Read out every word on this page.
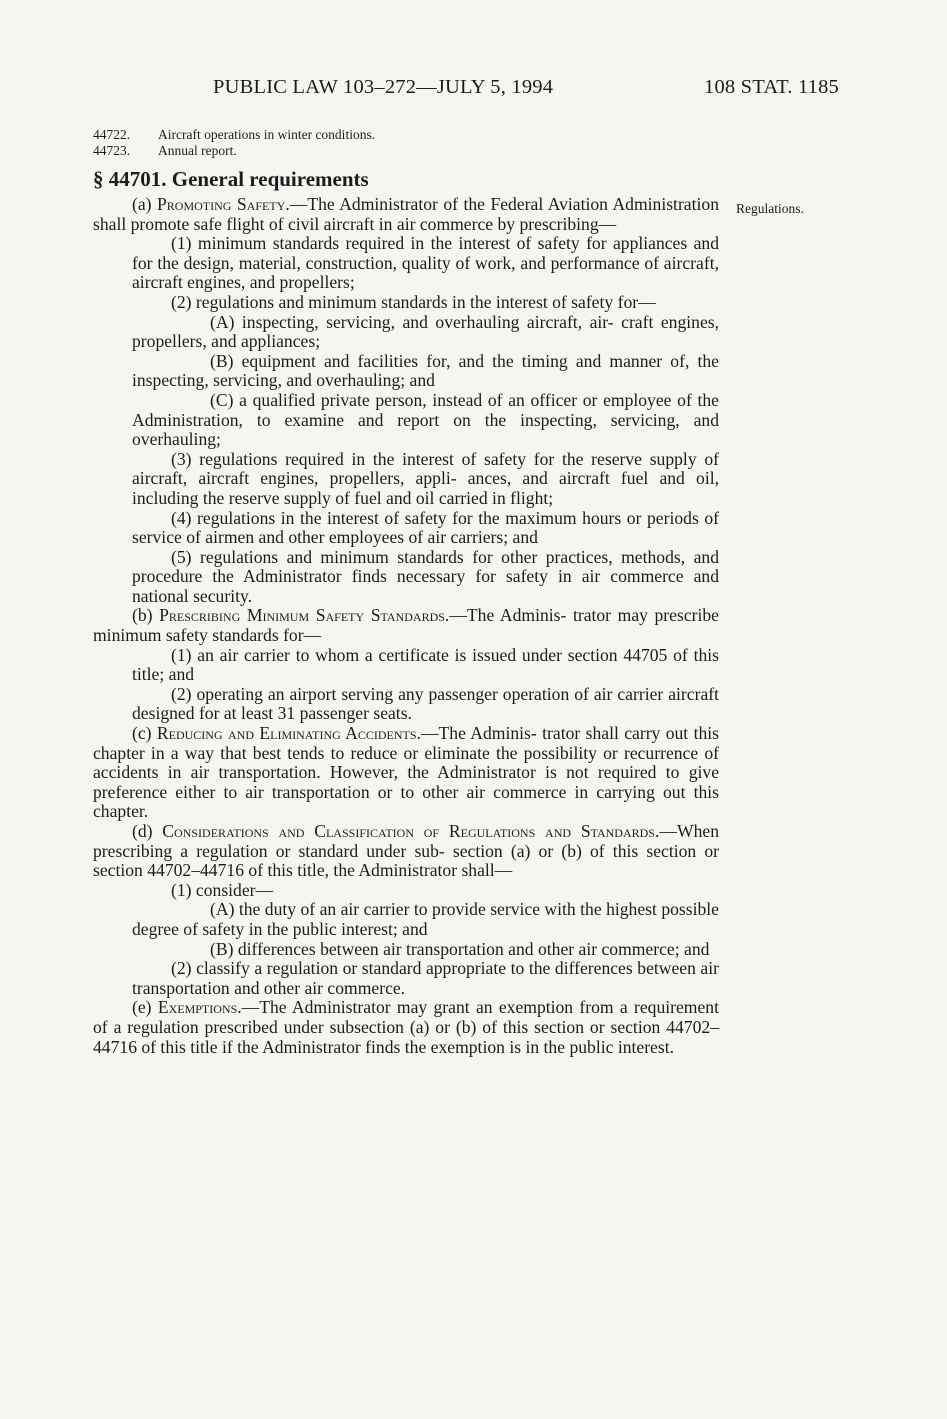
PUBLIC LAW 103–272—JULY 5, 1994	108 STAT. 1185
44722. Aircraft operations in winter conditions.
44723. Annual report.
§ 44701. General requirements
Regulations.

(a) Promoting Safety.—The Administrator of the Federal Aviation Administration shall promote safe flight of civil aircraft in air commerce by prescribing—

(1) minimum standards required in the interest of safety for appliances and for the design, material, construction, quality of work, and performance of aircraft, aircraft engines, and propellers;

(2) regulations and minimum standards in the interest of safety for—

(A) inspecting, servicing, and overhauling aircraft, air- craft engines, propellers, and appliances;

(B) equipment and facilities for, and the timing and manner of, the inspecting, servicing, and overhauling; and

(C) a qualified private person, instead of an officer or employee of the Administration, to examine and report on the inspecting, servicing, and overhauling;

(3) regulations required in the interest of safety for the reserve supply of aircraft, aircraft engines, propellers, appli- ances, and aircraft fuel and oil, including the reserve supply of fuel and oil carried in flight;

(4) regulations in the interest of safety for the maximum hours or periods of service of airmen and other employees of air carriers; and

(5) regulations and minimum standards for other practices, methods, and procedure the Administrator finds necessary for safety in air commerce and national security.

(b) Prescribing Minimum Safety Standards.—The Adminis- trator may prescribe minimum safety standards for—

(1) an air carrier to whom a certificate is issued under section 44705 of this title; and

(2) operating an airport serving any passenger operation of air carrier aircraft designed for at least 31 passenger seats.

(c) Reducing and Eliminating Accidents.—The Adminis- trator shall carry out this chapter in a way that best tends to reduce or eliminate the possibility or recurrence of accidents in air transportation. However, the Administrator is not required to give preference either to air transportation or to other air commerce in carrying out this chapter.

(d) Considerations and Classification of Regulations and Standards.—When prescribing a regulation or standard under sub- section (a) or (b) of this section or section 44702–44716 of this title, the Administrator shall—

(1) consider—

(A) the duty of an air carrier to provide service with the highest possible degree of safety in the public interest; and

(B) differences between air transportation and other air commerce; and

(2) classify a regulation or standard appropriate to the differences between air transportation and other air commerce.

(e) Exemptions.—The Administrator may grant an exemption from a requirement of a regulation prescribed under subsection (a) or (b) of this section or section 44702–44716 of this title if the Administrator finds the exemption is in the public interest.
